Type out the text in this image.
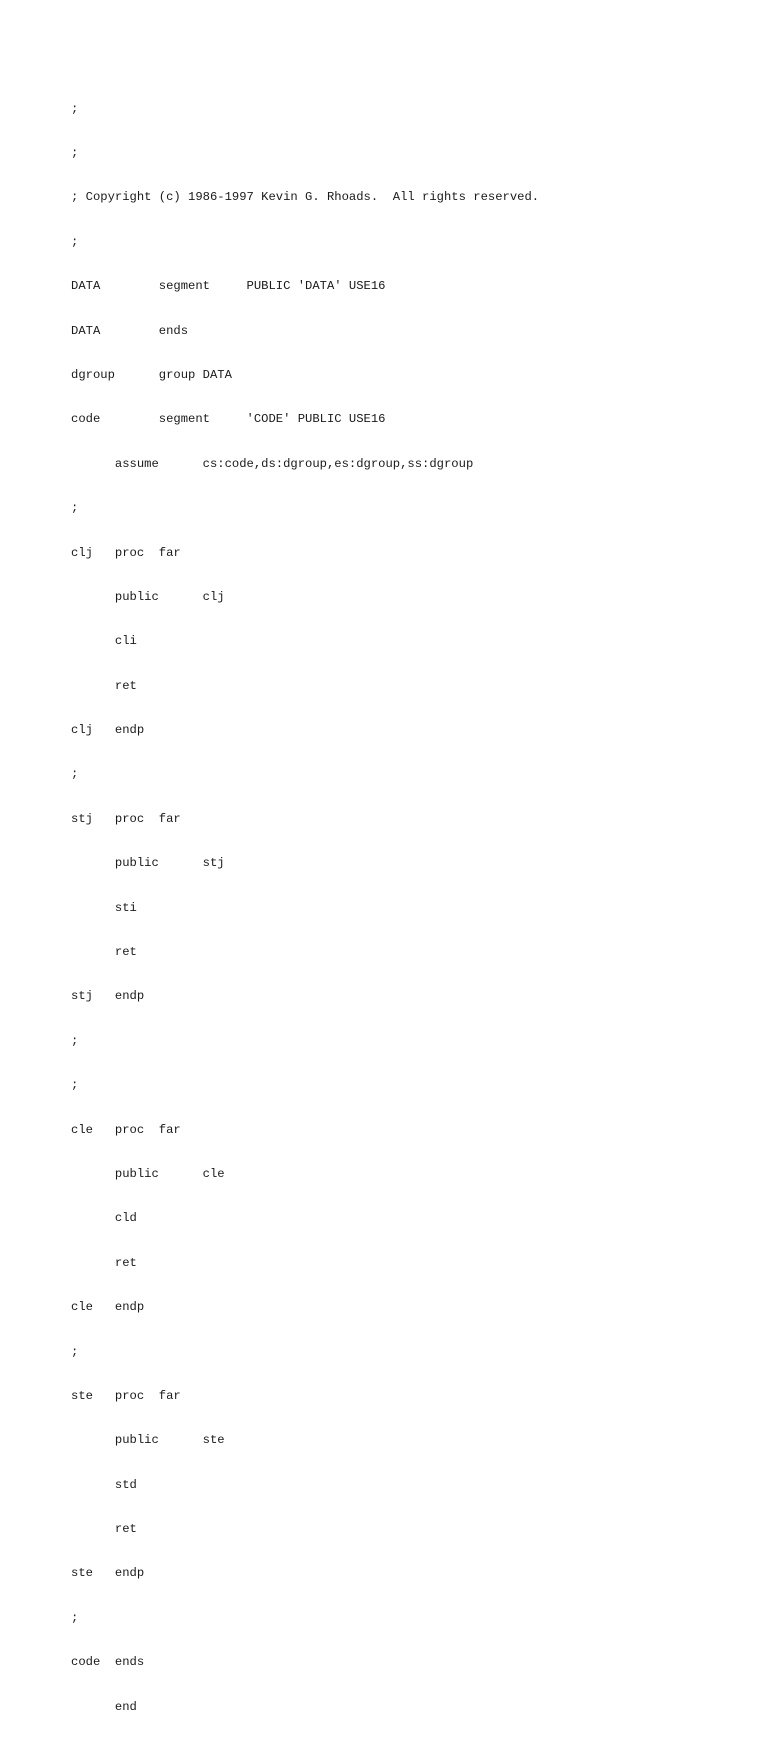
;

;

; Copyright (c) 1986-1997 Kevin G. Rhoads.  All rights reserved.

;

DATA        segment     PUBLIC 'DATA' USE16

DATA        ends

dgroup      group DATA

code        segment     'CODE' PUBLIC USE16

assume      cs:code,ds:dgroup,es:dgroup,ss:dgroup

;

clj   proc  far

public      clj

cli

ret

clj   endp

;

stj   proc  far

public      stj

sti

ret

stj   endp

;

;

cle   proc  far

public      cle

cld

ret

cle   endp

;

ste   proc  far

public      ste

std

ret

ste   endp

;

code  ends

end
